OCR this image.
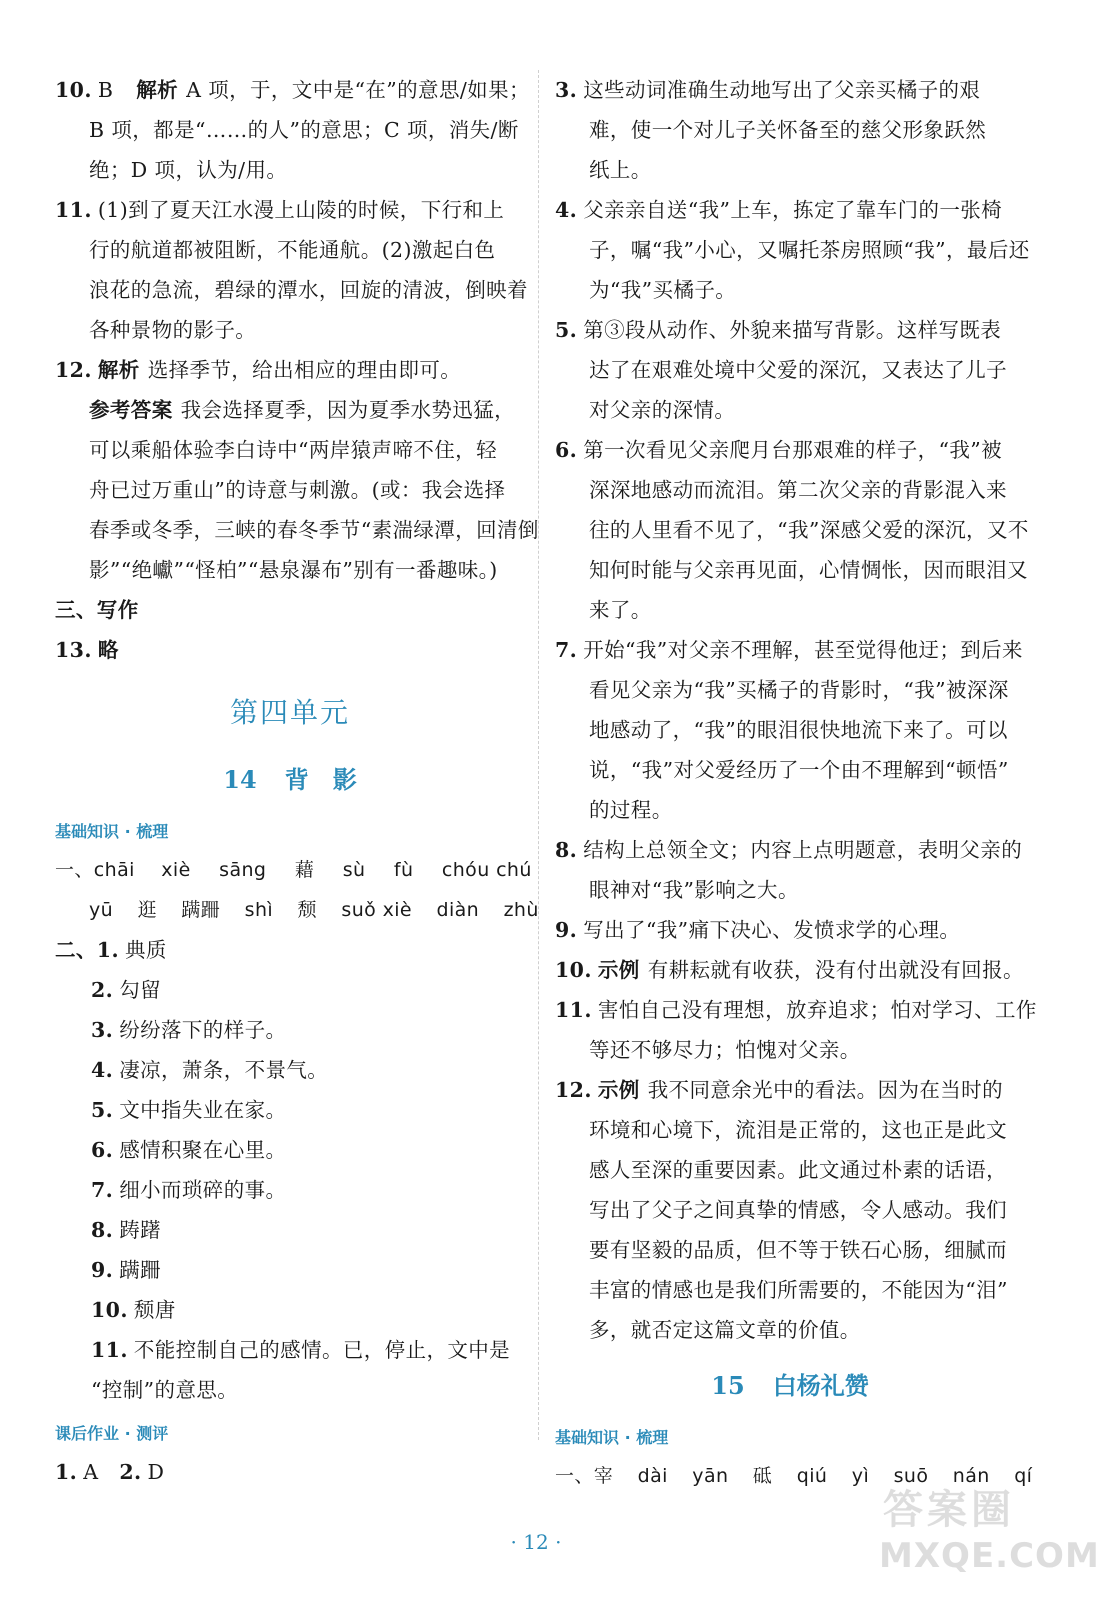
10. B 解析 A 项，于，文中是“在”的意思/如果；
B 项，都是“……的人”的意思；C 项，消失/断
绝；D 项，认为/用。
11. (1)到了夏天江水漫上山陵的时候，下行和上
行的航道都被阻断，不能通航。(2)激起白色
浪花的急流，碧绿的潭水，回旋的清波，倒映着
各种景物的影子。
12. 解析 选择季节，给出相应的理由即可。
参考答案 我会选择夏季，因为夏季水势迅猛，
可以乘船体验李白诗中“两岸猿声啼不住，轻
舟已过万重山”的诗意与刺激。(或：我会选择
春季或冬季，三峡的春冬季节“素湍绿潭，回清倒
影”“绝巘”“怪柏”“悬泉瀑布”别有一番趣味。)
三、写作
13. 略
第四单元
14 背　影
基础知识 · 梳理
一、chāi xiè sāng 藉 sù fù chóu chú
yū 逛 蹒跚 shì 颓 suǒ xiè diàn zhù
二、1. 典质
2. 勾留
3. 纷纷落下的样子。
4. 凄凉，萧条，不景气。
5. 文中指失业在家。
6. 感情积聚在心里。
7. 细小而琐碎的事。
8. 踌躇
9. 蹒跚
10. 颓唐
11. 不能控制自己的感情。已，停止，文中是
“控制”的意思。
课后作业 · 测评
1. A 2. D
3. 这些动词准确生动地写出了父亲买橘子的艰
难，使一个对儿子关怀备至的慈父形象跃然
纸上。
4. 父亲亲自送“我”上车，拣定了靠车门的一张椅
子，嘱“我”小心，又嘱托茶房照顾“我”，最后还
为“我”买橘子。
5. 第③段从动作、外貌来描写背影。这样写既表
达了在艰难处境中父爱的深沉，又表达了儿子
对父亲的深情。
6. 第一次看见父亲爬月台那艰难的样子，“我”被
深深地感动而流泪。第二次父亲的背影混入来
往的人里看不见了，“我”深感父爱的深沉，又不
知何时能与父亲再见面，心情惆怅，因而眼泪又
来了。
7. 开始“我”对父亲不理解，甚至觉得他迂；到后来
看见父亲为“我”买橘子的背影时，“我”被深深
地感动了，“我”的眼泪很快地流下来了。可以
说，“我”对父爱经历了一个由不理解到“顿悟”
的过程。
8. 结构上总领全文；内容上点明题意，表明父亲的
眼神对“我”影响之大。
9. 写出了“我”痛下决心、发愤求学的心理。
10. 示例 有耕耘就有收获，没有付出就没有回报。
11. 害怕自己没有理想，放弃追求；怕对学习、工作
等还不够尽力；怕愧对父亲。
12. 示例 我不同意余光中的看法。因为在当时的
环境和心境下，流泪是正常的，这也正是此文
感人至深的重要因素。此文通过朴素的话语，
写出了父子之间真挚的情感，令人感动。我们
要有坚毅的品质，但不等于铁石心肠，细腻而
丰富的情感也是我们所需要的，不能因为“泪”
多，就否定这篇文章的价值。
15 白杨礼赞
基础知识 · 梳理
一、宰 dài yān 砥 qiú yì suō nán qí
· 12 ·
答案圈
MXQE.COM
